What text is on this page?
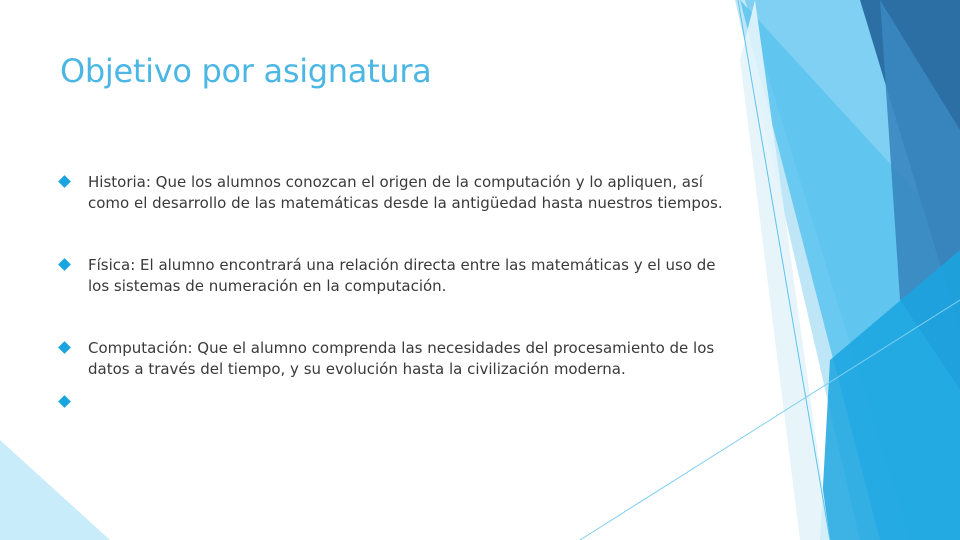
Objetivo por asignatura
Historia: Que los alumnos conozcan el origen de la computación y lo apliquen, así como el desarrollo de las matemáticas desde la antigüedad hasta nuestros tiempos.
Física: El alumno encontrará una relación directa entre las matemáticas y el uso de los sistemas de numeración en la computación.
Computación: Que el alumno comprenda las necesidades del procesamiento de los datos a través del tiempo, y su evolución hasta la civilización moderna.
